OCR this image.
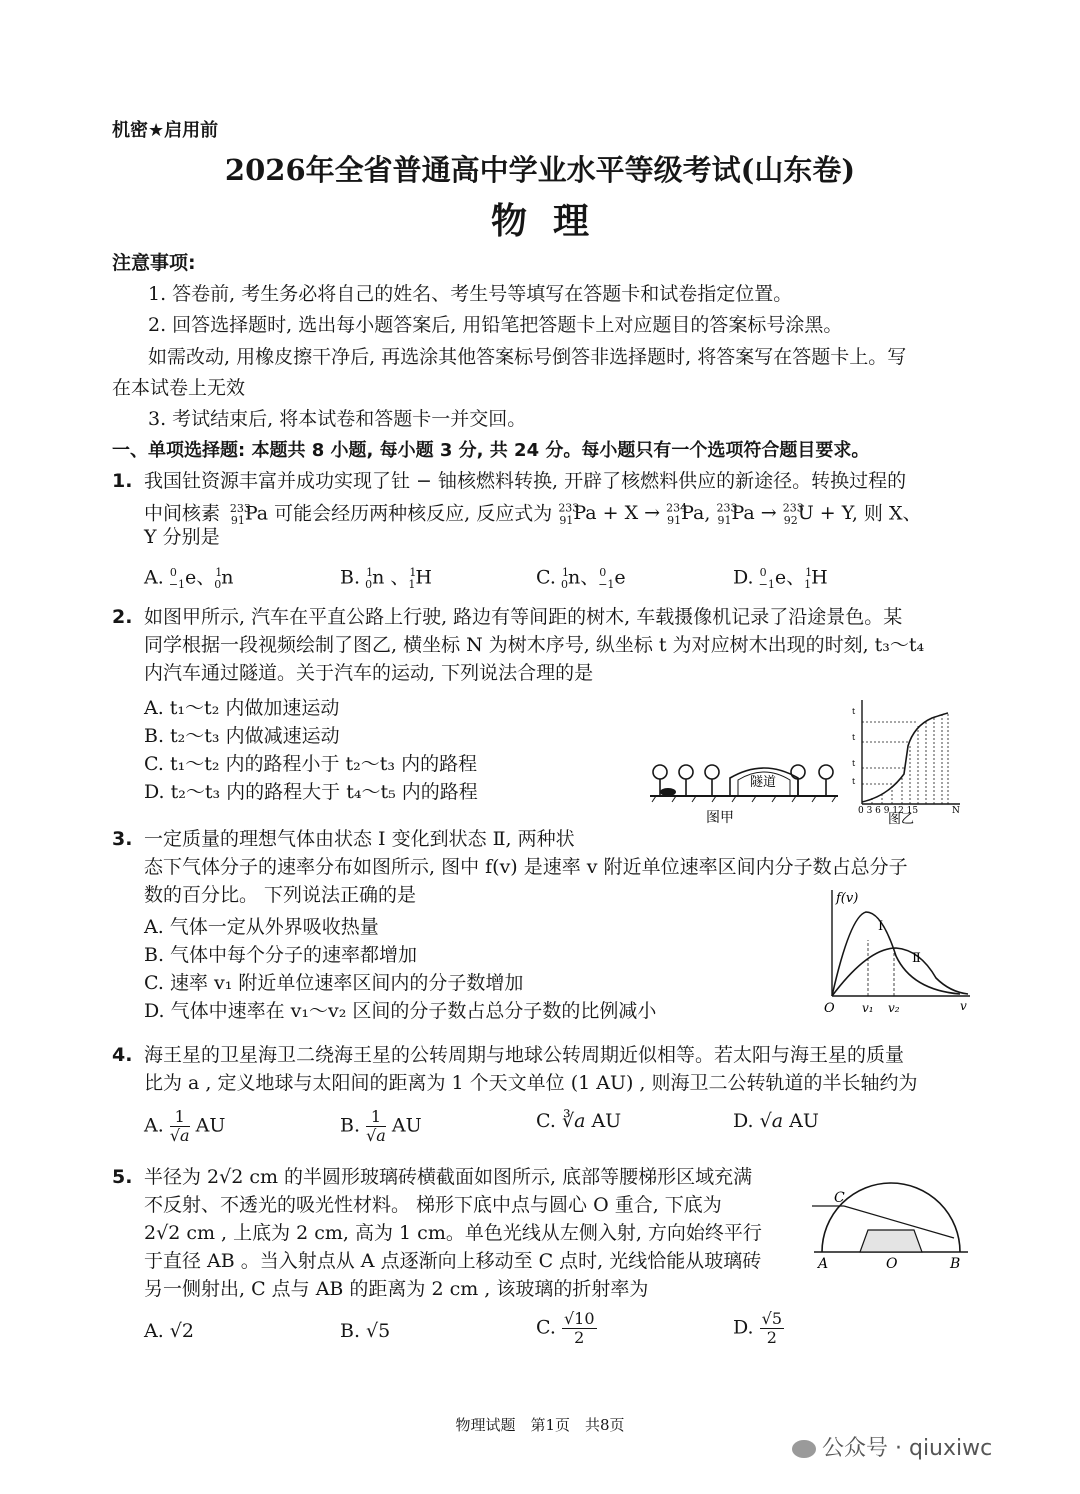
机密★启用前
2026年全省普通高中学业水平等级考试(山东卷)
物理
注意事项:
1. 答卷前, 考生务必将自己的姓名、考生号等填写在答题卡和试卷指定位置。
2. 回答选择题时, 选出每小题答案后, 用铅笔把答题卡上对应题目的答案标号涂黑。
如需改动, 用橡皮擦干净后, 再选涂其他答案标号倒答非选择题时, 将答案写在答题卡上。写
在本试卷上无效
3. 考试结束后, 将本试卷和答题卡一并交回。
一、单项选择题: 本题共 8 小题, 每小题 3 分, 共 24 分。每小题只有一个选项符合题目要求。
1. 我国钍资源丰富并成功实现了钍 − 铀核燃料转换, 开辟了核燃料供应的新途径。转换过程的
中间核素   $^{233}_{91}$Pa 可能会经历两种核反应, 反应式为 $^{233}_{91}$Pa + X → $^{234}_{91}$Pa, $^{233}_{91}$Pa → $^{233}_{92}$U + Y, 则 X、
Y 分别是
A. $^0_{-1}$e、$^1_0$n	B. $^1_0$n 、$^1_1$H	C. $^1_0$n、$^0_{-1}$e	D. $^0_{-1}$e、$^1_1$H
2. 如图甲所示, 汽车在平直公路上行驶, 路边有等间距的树木, 车载摄像机记录了沿途景色。某
同学根据一段视频绘制了图乙, 横坐标 N 为树木序号, 纵坐标 t 为对应树木出现的时刻, t₃～t₄
内汽车通过隧道。关于汽车的运动, 下列说法合理的是
A. t₁～t₂ 内做加速运动
B. t₂～t₃ 内做减速运动
C. t₁～t₂ 内的路程小于 t₂～t₃ 内的路程
D. t₂～t₃ 内的路程大于 t₄～t₅ 内的路程	隧道
图甲
t
t
t
t
0 3 6 9 12 15	N
图乙
3. 一定质量的理想气体由状态 Ⅰ 变化到状态 Ⅱ, 两种状
态下气体分子的速率分布如图所示, 图中 f(v) 是速率 v 附近单位速率区间内分子数占总分子
数的百分比。 下列说法正确的是
A. 气体一定从外界吸收热量
B. 气体中每个分子的速率都增加
C. 速率 v₁ 附近单位速率区间内的分子数增加
D. 气体中速率在 v₁～v₂ 区间的分子数占总分子数的比例减小
f(v)
v
O v₁ v₂
Ⅰ
Ⅱ
4. 海王星的卫星海卫二绕海王星的公转周期与地球公转周期近似相等。若太阳与海王星的质量
比为 a , 定义地球与太阳间的距离为 1 个天文单位 (1 AU) , 则海卫二公转轨道的半长轴约为
A. $\frac{1}{√a}$ AU	B. $\frac{1}{√a}$ AU	C. ∛a AU	D. √a AU
5. 半径为 2√2 cm 的半圆形玻璃砖横截面如图所示, 底部等腰梯形区域充满
不反射、不透光的吸光性材料。 梯形下底中点与圆心 O 重合, 下底为
2√2 cm , 上底为 2 cm, 高为 1 cm。单色光线从左侧入射, 方向始终平行
于直径 AB 。当入射点从 A 点逐渐向上移动至 C 点时, 光线恰能从玻璃砖
另一侧射出, C 点与 AB 的距离为 2 cm , 该玻璃的折射率为
A. √2	B. √5	C. $\frac{√10}{2}$	D. $\frac{√5}{2}$
C
A	O	B
物理试题　第1页　共8页
公众号 · qiuxiwc
